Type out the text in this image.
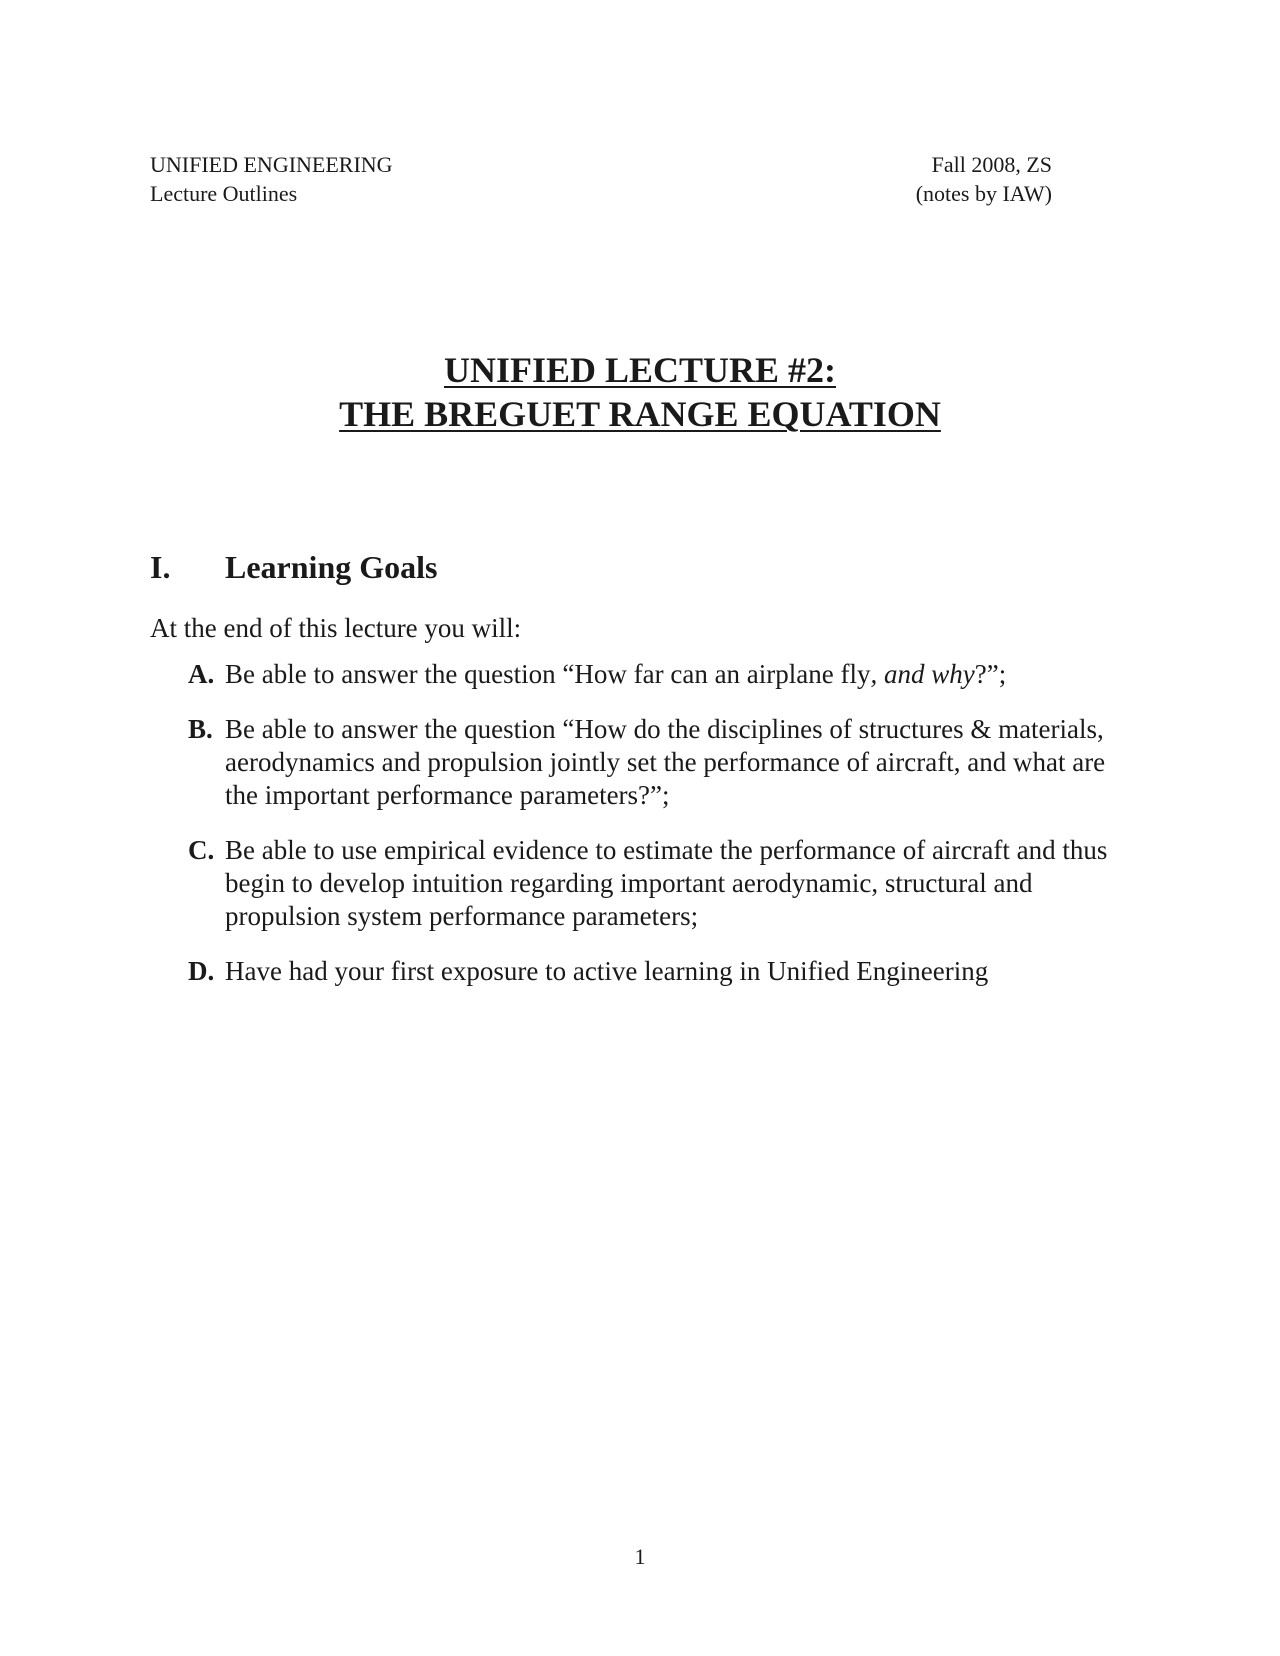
UNIFIED ENGINEERING
Lecture Outlines
Fall 2008, ZS
(notes by IAW)
UNIFIED LECTURE #2:
THE BREGUET RANGE EQUATION
I. Learning Goals
At the end of this lecture you will:
A. Be able to answer the question “How far can an airplane fly, and why?”;
B. Be able to answer the question “How do the disciplines of structures & materials, aerodynamics and propulsion jointly set the performance of aircraft, and what are the important performance parameters?”;
C. Be able to use empirical evidence to estimate the performance of aircraft and thus begin to develop intuition regarding important aerodynamic, structural and propulsion system performance parameters;
D. Have had your first exposure to active learning in Unified Engineering
1
